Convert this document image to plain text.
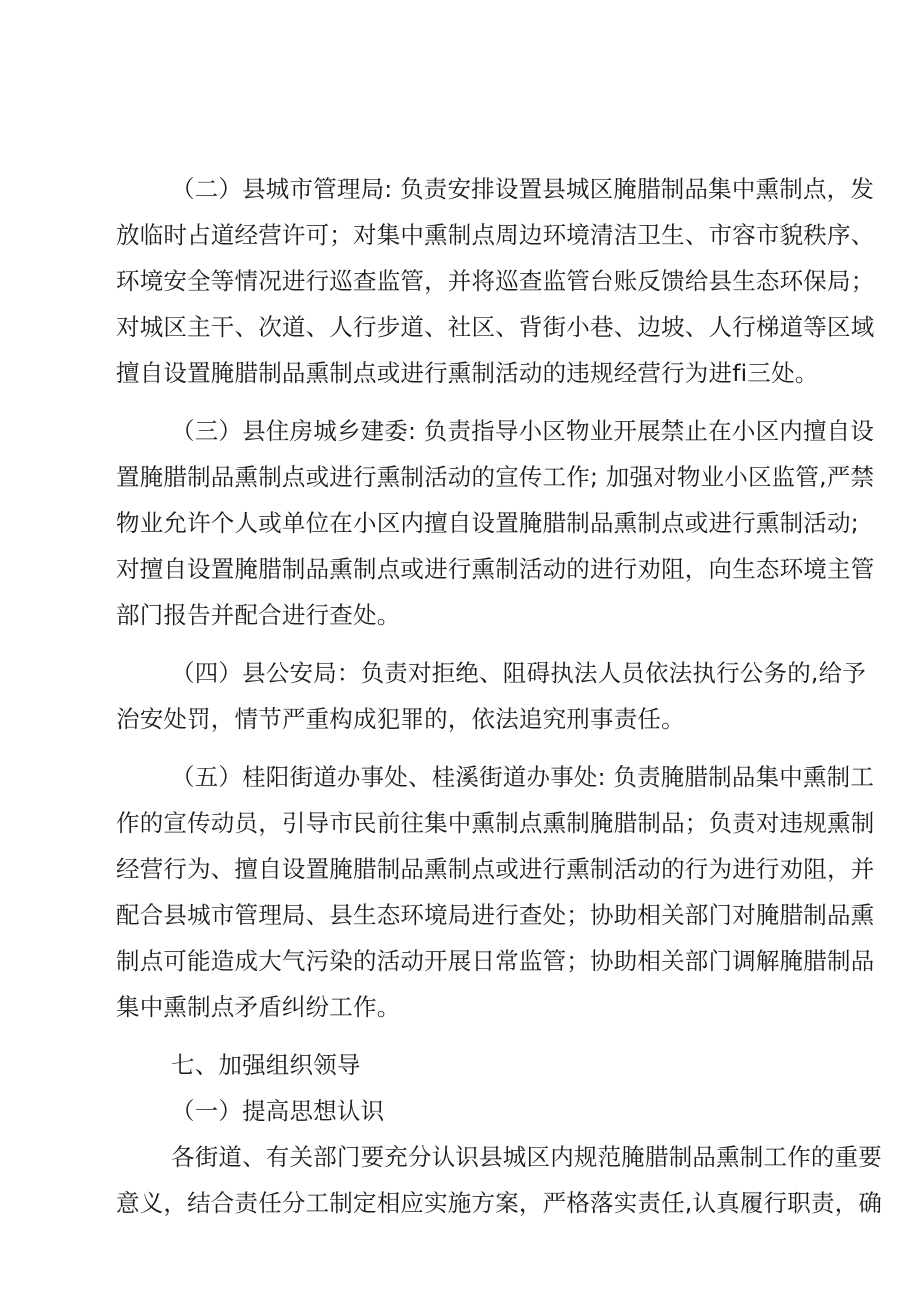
（二）县城市管理局: 负责安排设置县城区腌腊制品集中熏制点，发
放临时占道经营许可；对集中熏制点周边环境清洁卫生、市容市貌秩序、
环境安全等情况进行巡查监管，并将巡查监管台账反馈给县生态环保局；
对城区主干、次道、人行步道、社区、背街小巷、边坡、人行梯道等区域
擅自设置腌腊制品熏制点或进行熏制活动的违规经营行为进fi三处。
（三）县住房城乡建委: 负责指导小区物业开展禁止在小区内擅自设
置腌腊制品熏制点或进行熏制活动的宣传工作; 加强对物业小区监管,严禁
物业允许个人或单位在小区内擅自设置腌腊制品熏制点或进行熏制活动;
对擅自设置腌腊制品熏制点或进行熏制活动的进行劝阻，向生态环境主管
部门报告并配合进行查处。
（四）县公安局：负责对拒绝、阻碍执法人员依法执行公务的,给予
治安处罚，情节严重构成犯罪的，依法追究刑事责任。
（五）桂阳街道办事处、桂溪街道办事处: 负责腌腊制品集中熏制工
作的宣传动员，引导市民前往集中熏制点熏制腌腊制品；负责对违规熏制
经营行为、擅自设置腌腊制品熏制点或进行熏制活动的行为进行劝阻，并
配合县城市管理局、县生态环境局进行查处；协助相关部门对腌腊制品熏
制点可能造成大气污染的活动开展日常监管；协助相关部门调解腌腊制品
集中熏制点矛盾纠纷工作。
七、加强组织领导
（一）提高思想认识
各街道、有关部门要充分认识县城区内规范腌腊制品熏制工作的重要
意义，结合责任分工制定相应实施方案，严格落实责任,认真履行职责，确
